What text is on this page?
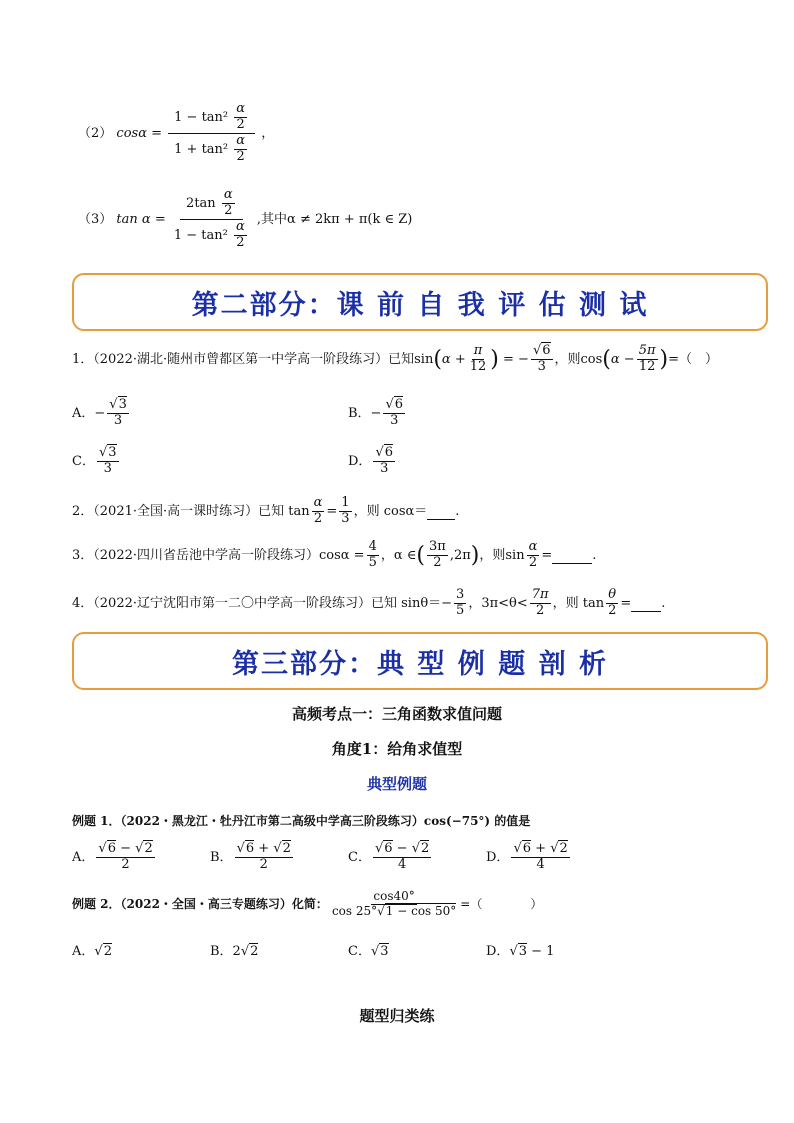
（2） $\cos\alpha = \frac{1 - \tan^2 \frac{\alpha}{2}}{1 + \tan^2 \frac{\alpha}{2}}$ ，
（3） $\tan \alpha = \frac{2\tan \frac{\alpha}{2}}{1 - \tan^2 \frac{\alpha}{2}}$ ,其中α ≠ 2kπ + π(k ∈ Z)
第二部分：课 前 自 我 评 估 测 试
1．（2022·湖北·随州市曾都区第一中学高一阶段练习）已知$\sin(\alpha + \frac{\pi}{12}$ ) = − $\frac{√6}{3}$ ，则$\cos(\alpha - \frac{5\pi}{12}$ )=（　）
A．− $\frac{√3}{3}$	B．− $\frac{√6}{3}$
C． $\frac{√3}{3}$	D． $\frac{√6}{3}$
2．（2021·全国·高一课时练习）已知 $\tan \frac{\alpha}{2} = \frac{1}{3}$ ，则 cosα＝ .
3．（2022·四川省岳池中学高一阶段练习）$\cos\alpha = \frac{4}{5}$ ，α ∈( $\frac{3\pi}{2} ,2\pi$)，则$\sin \frac{\alpha}{2}$ =	.
4．（2022·辽宁沈阳市第一二〇中学高一阶段练习）已知 $\sin\theta=- \frac{3}{5}$ ，$3\pi<\theta< \frac{7\pi}{2}$ ，则 $\tan \frac{\theta}{2}$ = .
第三部分：典 型 例 题 剖 析
高频考点一：三角函数求值问题
角度1：给角求值型
典型例题
例题 1．（2022・黑龙江・牡丹江市第二高级中学高三阶段练习）cos(−75°) 的值是
A． $\frac{√6 - √2}{2}$	B． $\frac{√6 + √2}{2}$	C． $\frac{√6 - √2}{4}$	D． $\frac{√6 + √2}{4}$
例题 2．（2022・全国・高三专题练习）化简： $\frac{\cos 40^\circ}{\cos 25^\circ√1 - \cos 50^\circ}$ =（　　　　）
A．√2	B．2√2	C．√3	D．√3 − 1
题型归类练
